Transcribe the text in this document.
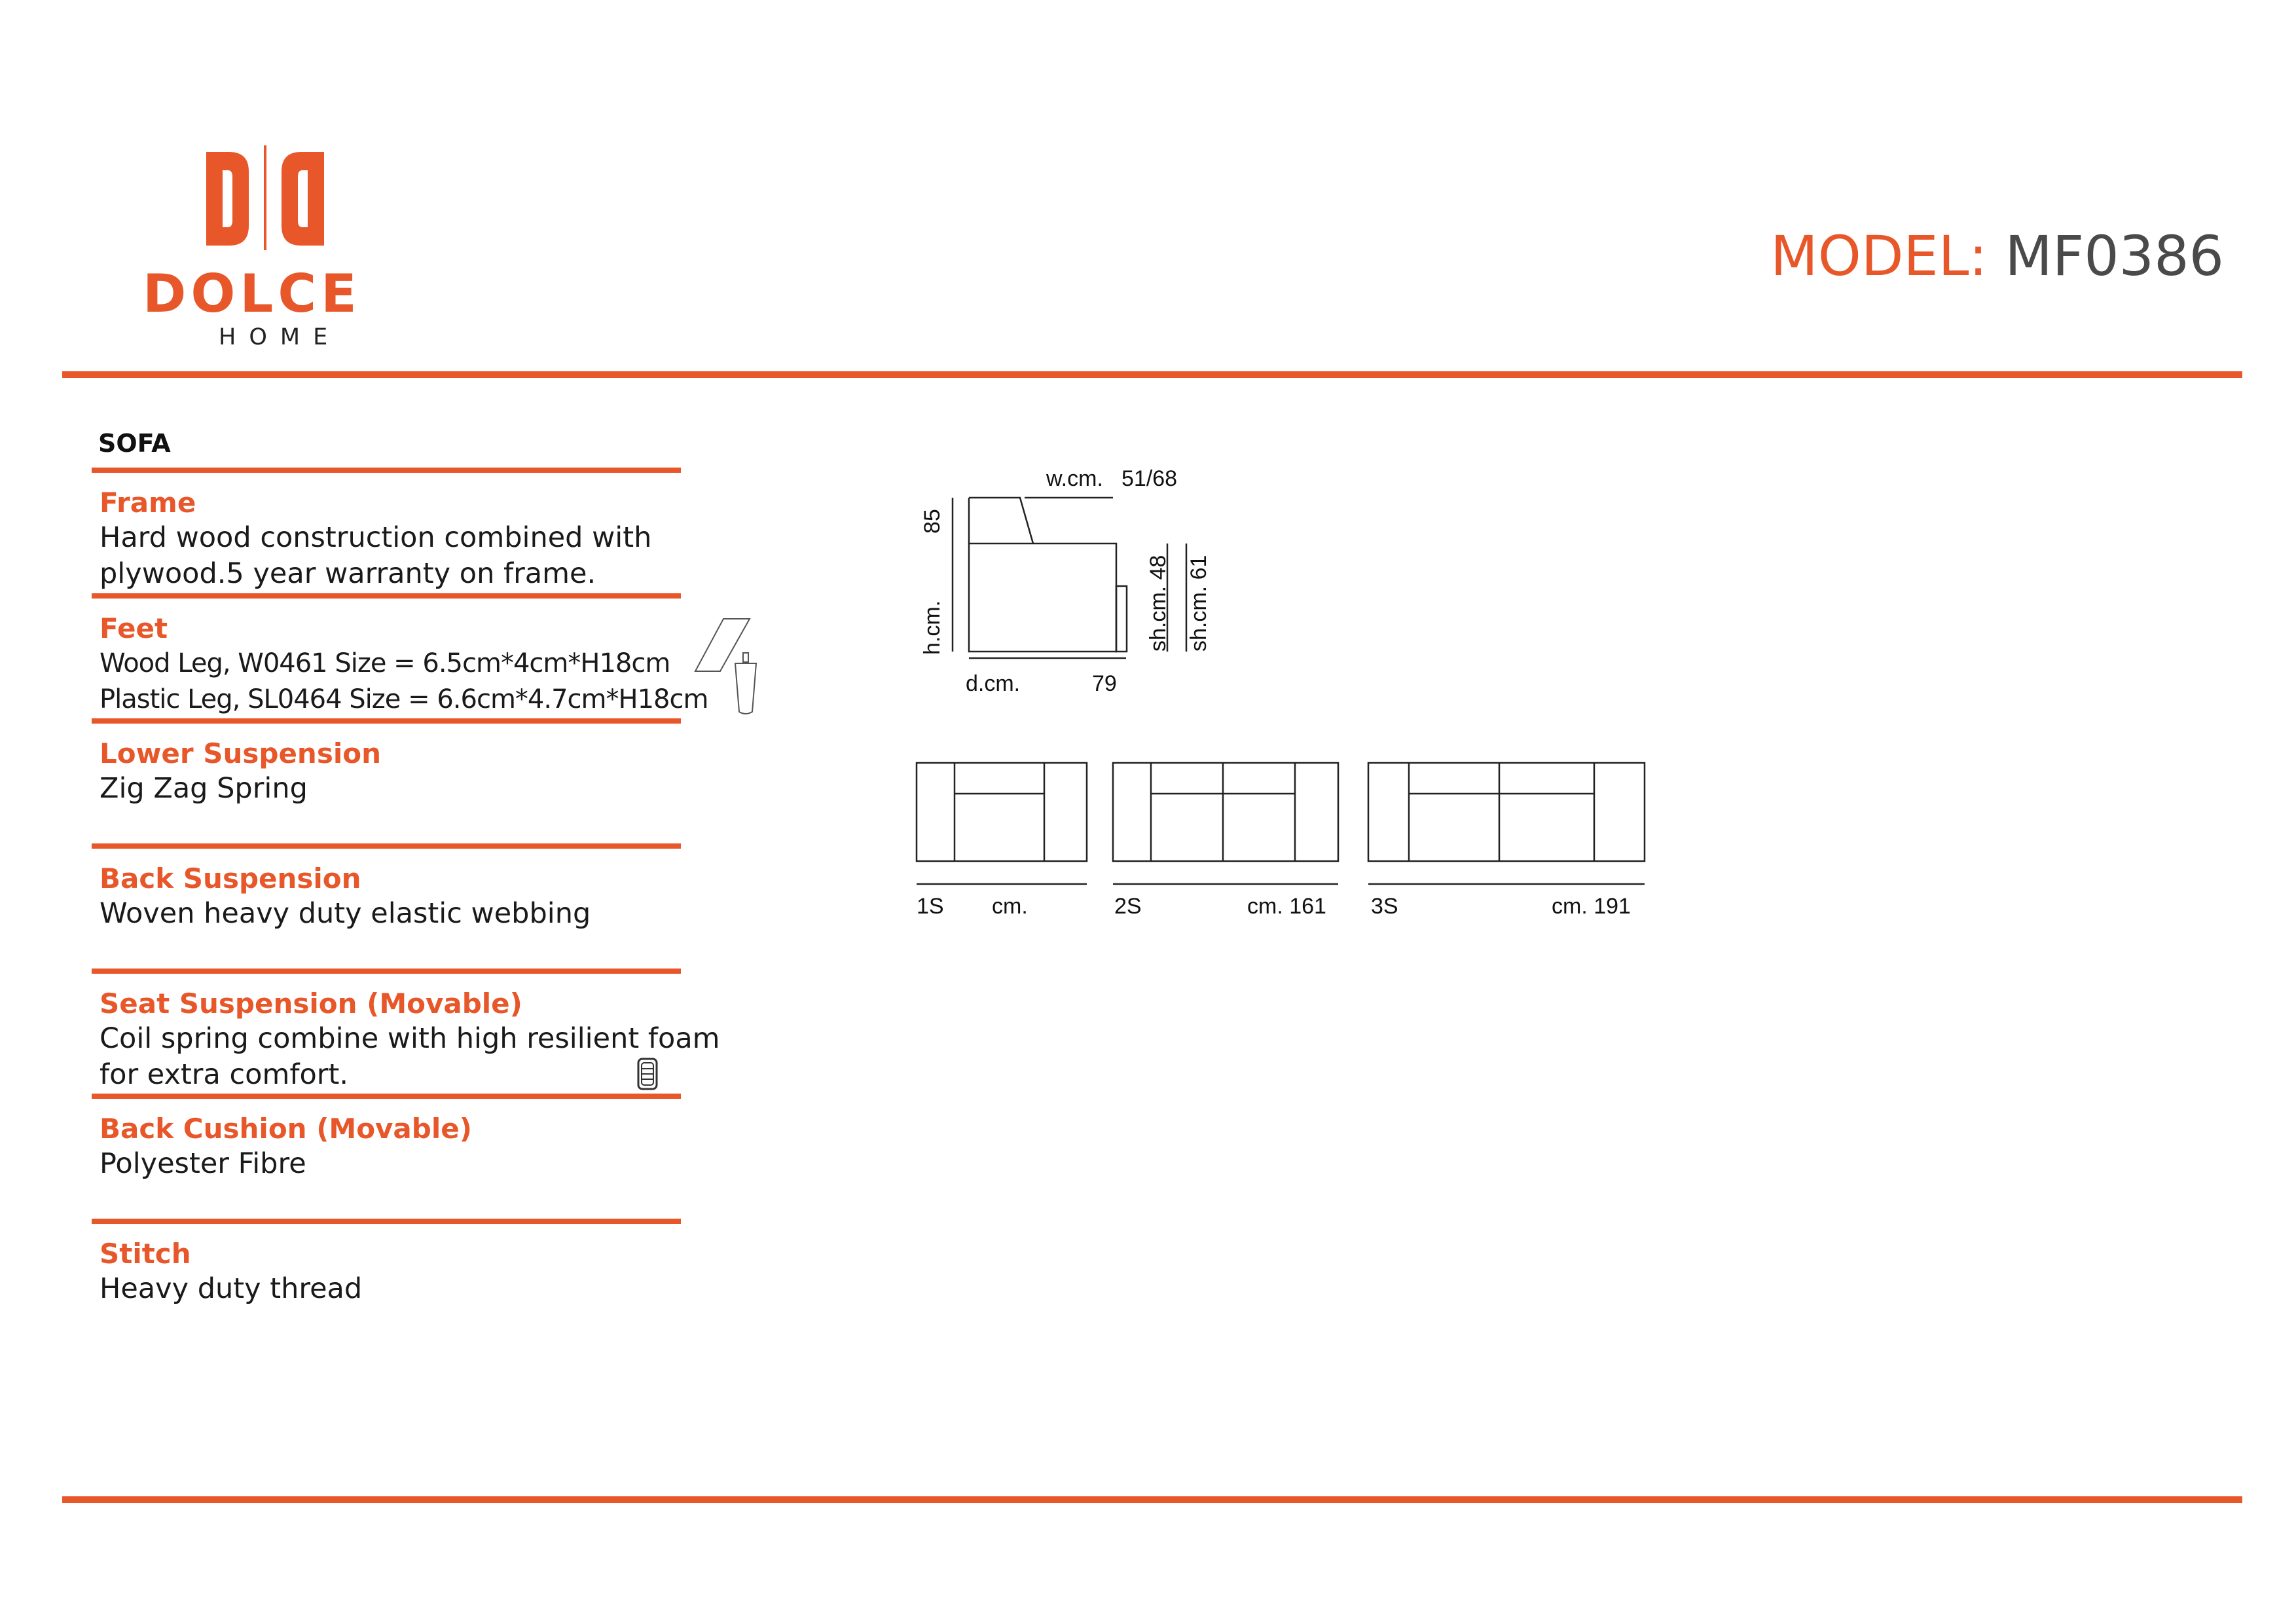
DOLCE
HOME
MODEL: MF0386
SOFA
Frame
Hard wood construction combined with
plywood.5 year warranty on frame.
Feet
Wood Leg, W0461 Size = 6.5cm*4cm*H18cm
Plastic Leg, SL0464 Size = 6.6cm*4.7cm*H18cm
Lower Suspension
Zig Zag Spring
Back Suspension
Woven heavy duty elastic webbing
Seat Suspension (Movable)
Coil spring combine with high resilient foam
for extra comfort.
Back Cushion (Movable)
Polyester Fibre
Stitch
Heavy duty thread
w.cm. 51/68
85
h.cm.
d.cm.	79
sh.cm. 48 sh.cm. 61
1S cm.	2S	cm. 161 3S	cm. 191
